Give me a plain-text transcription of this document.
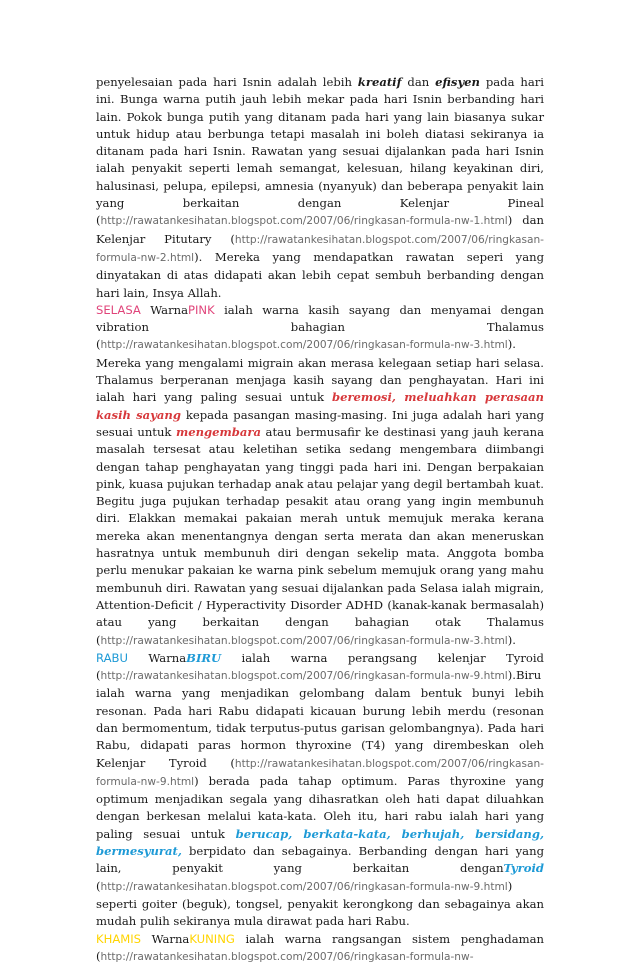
penyelesaian pada hari Isnin adalah lebih kreatif dan efisyen pada hari ini. Bunga warna putih jauh lebih mekar pada hari Isnin berbanding hari lain. Pokok bunga putih yang ditanam pada hari yang lain biasanya sukar untuk hidup atau berbunga tetapi masalah ini boleh diatasi sekiranya ia ditanam pada hari Isnin. Rawatan yang sesuai dijalankan pada hari Isnin ialah penyakit seperti lemah semangat, kelesuan, hilang keyakinan diri, halusinasi, pelupa, epilepsi, amnesia (nyanyuk) dan beberapa penyakit lain yang berkaitan dengan Kelenjar Pineal (http://rawatankesihatan.blogspot.com/2007/06/ringkasan-formula-nw-1.html) dan Kelenjar Pitutary (http://rawatankesihatan.blogspot.com/2007/06/ringkasan-formula-nw-2.html). Mereka yang mendapatkan rawatan seperi yang dinyatakan di atas didapati akan lebih cepat sembuh berbanding dengan hari lain, Insya Allah.

SELASA WarnaPINK ialah warna kasih sayang dan menyamai dengan vibration bahagian Thalamus (http://rawatankesihatan.blogspot.com/2007/06/ringkasan-formula-nw-3.html). Mereka yang mengalami migrain akan merasa kelegaan setiap hari selasa. Thalamus berperanan menjaga kasih sayang dan penghayatan. Hari ini ialah hari yang paling sesuai untuk beremosi, meluahkan perasaan kasih sayang kepada pasangan masing-masing. Ini juga adalah hari yang sesuai untuk mengembara atau bermusafir ke destinasi yang jauh kerana masalah tersesat atau keletihan setika sedang mengembara diimbangi dengan tahap penghayatan yang tinggi pada hari ini. Dengan berpakaian pink, kuasa pujukan terhadap anak atau pelajar yang degil bertambah kuat. Begitu juga pujukan terhadap pesakit atau orang yang ingin membunuh diri. Elakkan memakai pakaian merah untuk memujuk meraka kerana mereka akan menentangnya dengan serta merata dan akan meneruskan hasratnya untuk membunuh diri dengan sekelip mata. Anggota bomba perlu menukar pakaian ke warna pink sebelum memujuk orang yang mahu membunuh diri. Rawatan yang sesuai dijalankan pada Selasa ialah migrain, Attention-Deficit / Hyperactivity Disorder ADHD (kanak-kanak bermasalah) atau yang berkaitan dengan bahagian otak Thalamus (http://rawatankesihatan.blogspot.com/2007/06/ringkasan-formula-nw-3.html).

RABU WarnaBIRU ialah warna perangsang kelenjar Tyroid (http://rawatankesihatan.blogspot.com/2007/06/ringkasan-formula-nw-9.html).Biru ialah warna yang menjadikan gelombang dalam bentuk bunyi lebih resonan. Pada hari Rabu didapati kicauan burung lebih merdu (resonan dan bermomentum, tidak terputus-putus garisan gelombangnya). Pada hari Rabu, didapati paras hormon thyroxine (T4) yang dirembeskan oleh Kelenjar Tyroid (http://rawatankesihatan.blogspot.com/2007/06/ringkasan-formula-nw-9.html) berada pada tahap optimum. Paras thyroxine yang optimum menjadikan segala yang dihasratkan oleh hati dapat diluahkan dengan berkesan melalui kata-kata. Oleh itu, hari rabu ialah hari yang paling sesuai untuk berucap, berkata-kata, berhujah, bersidang, bermesyurat, berpidato dan sebagainya. Berbanding dengan hari yang lain, penyakit yang berkaitan denganTyroid (http://rawatankesihatan.blogspot.com/2007/06/ringkasan-formula-nw-9.html) seperti goiter (beguk), tongsel, penyakit kerongkong dan sebagainya akan mudah pulih sekiranya mula dirawat pada hari Rabu.

KHAMIS WarnaKUNING ialah warna rangsangan sistem penghadaman (http://rawatankesihatan.blogspot.com/2007/06/ringkasan-formula-nw-
